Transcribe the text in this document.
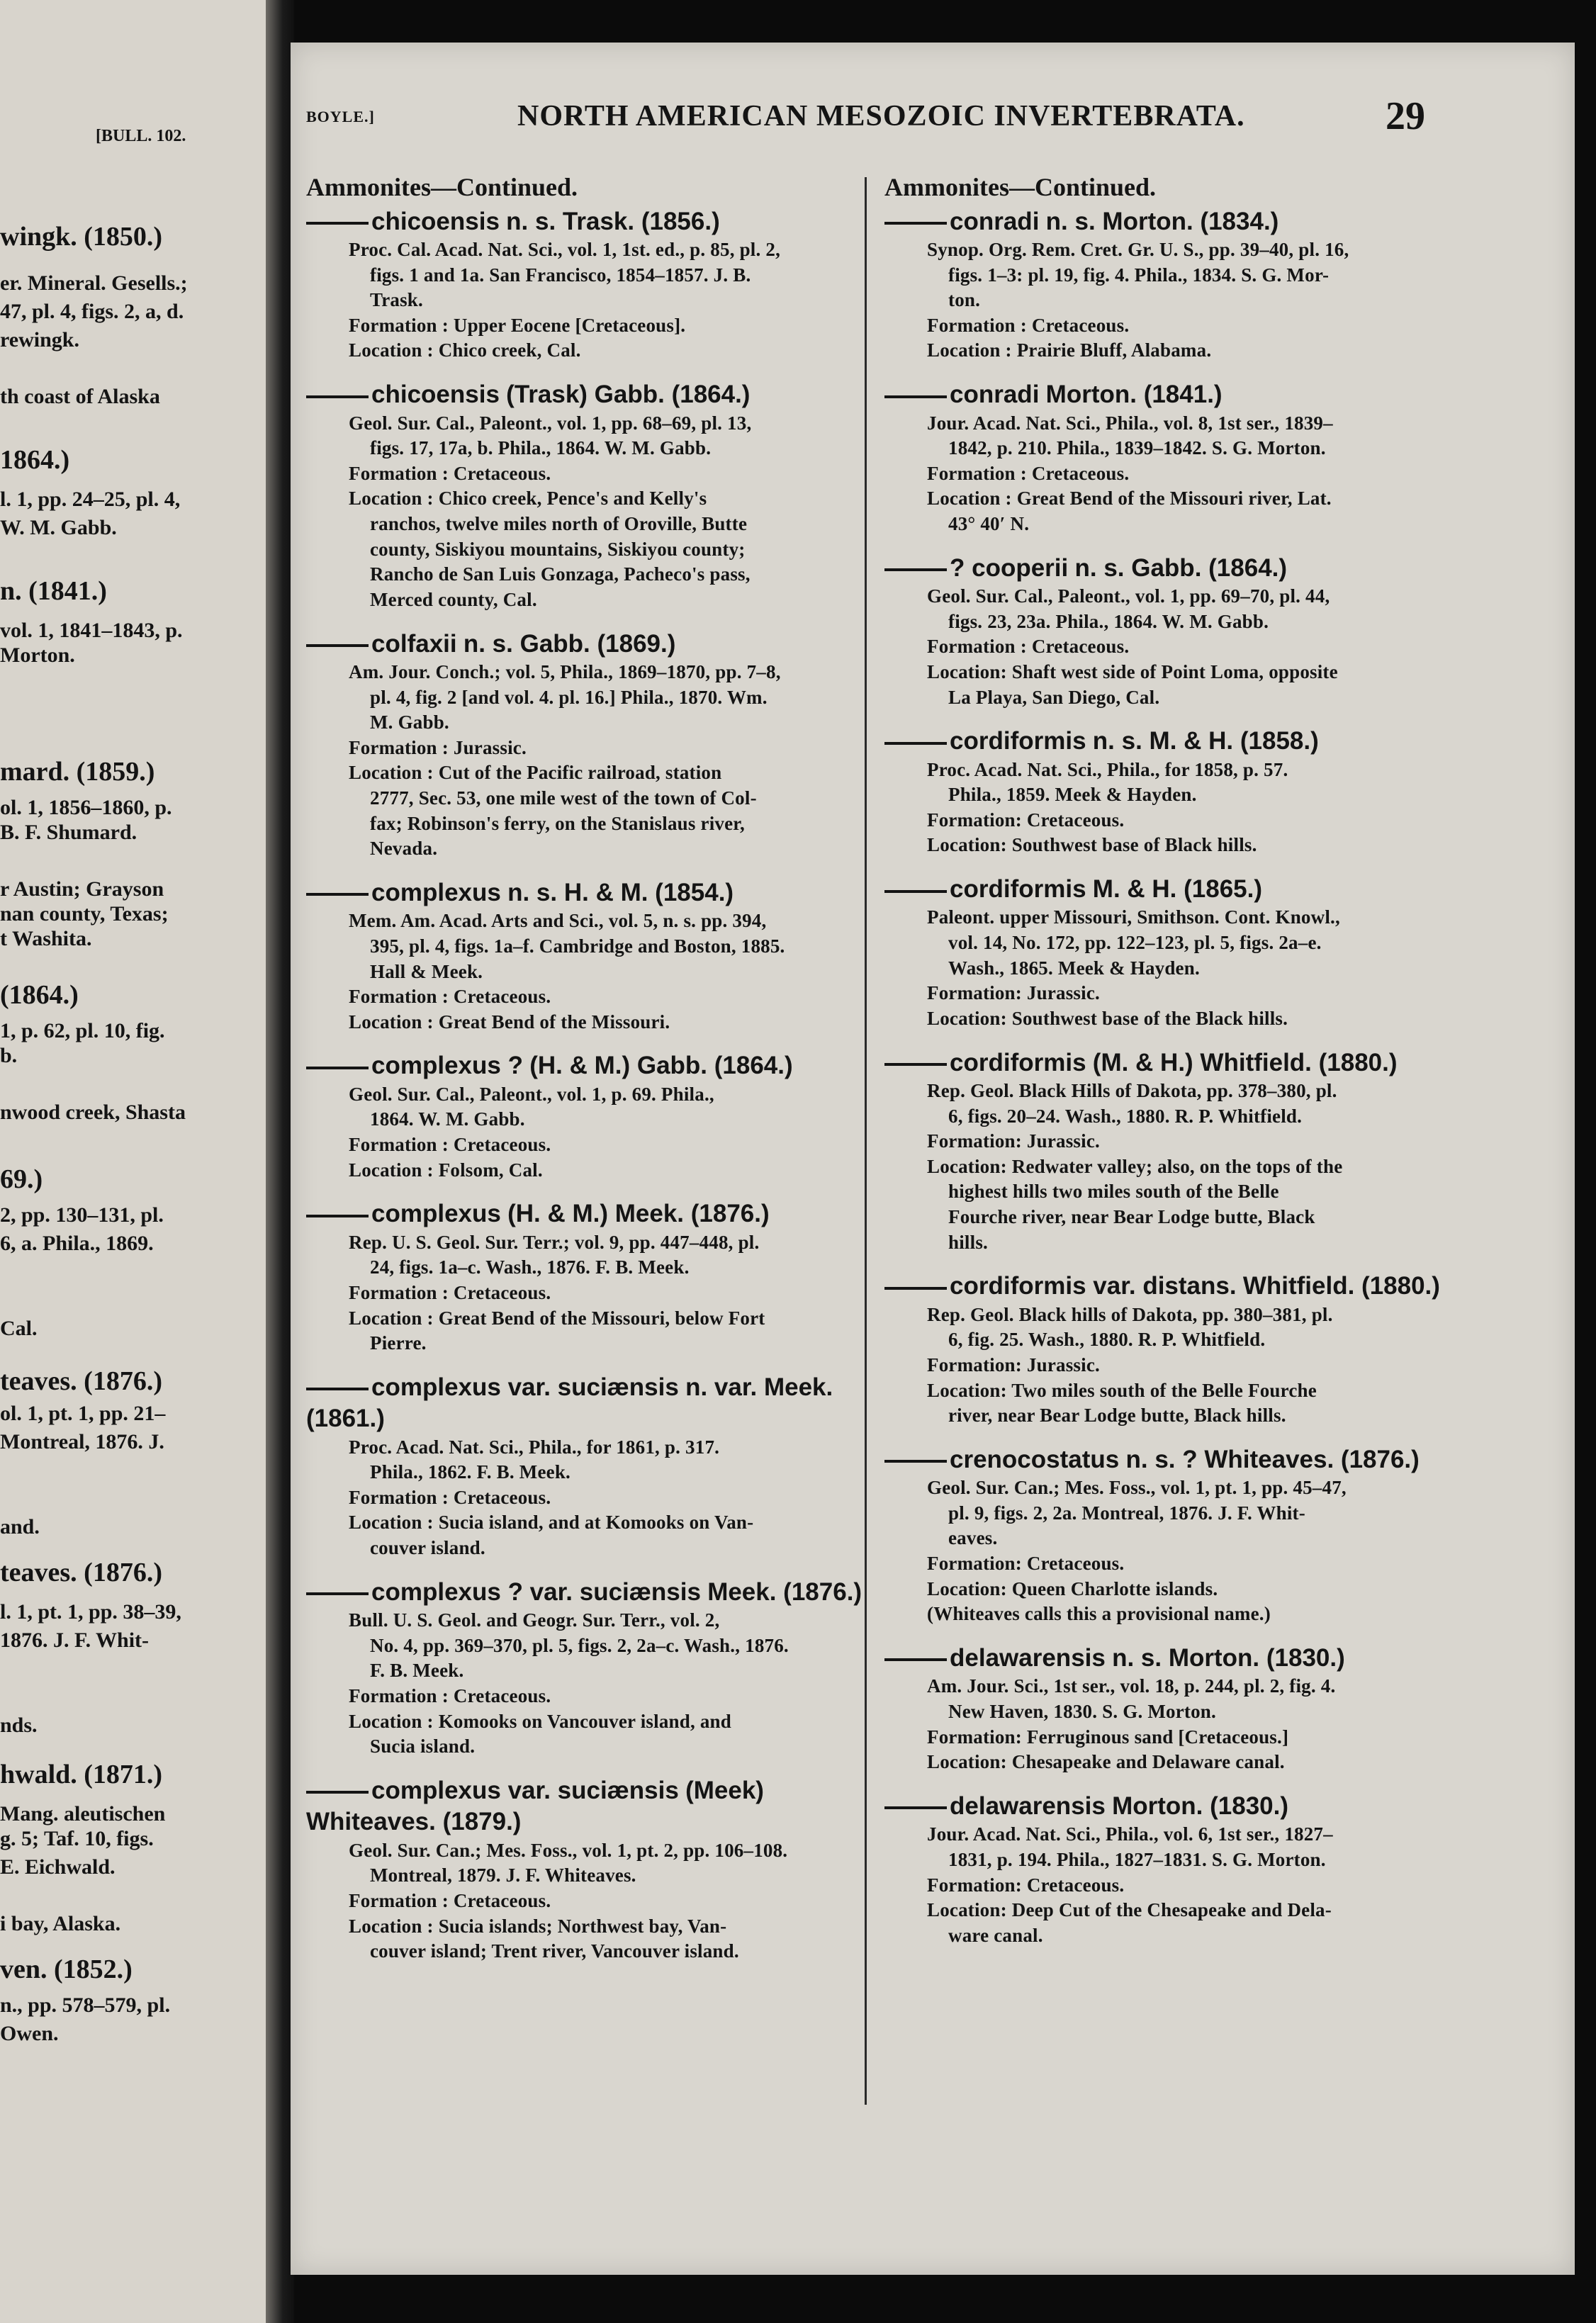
[BULL. 102.
wingk. (1850.)
er. Mineral. Gesells.;
47, pl. 4, figs. 2, a, d.
rewingk.
th coast of Alaska
1864.)
l. 1, pp. 24–25, pl. 4,
W. M. Gabb.
n. (1841.)
vol. 1, 1841–1843, p.
Morton.
mard. (1859.)
ol. 1, 1856–1860, p.
B. F. Shumard.
r Austin; Grayson
nan county, Texas;
t Washita.
(1864.)
1, p. 62, pl. 10, fig.
b.
nwood creek, Shasta
69.)
2, pp. 130–131, pl.
6, a. Phila., 1869.
Cal.
teaves. (1876.)
ol. 1, pt. 1, pp. 21–
Montreal, 1876. J.
and.
teaves. (1876.)
l. 1, pt. 1, pp. 38–39,
1876. J. F. Whit-
nds.
hwald. (1871.)
Mang. aleutischen
g. 5; Taf. 10, figs.
E. Eichwald.
i bay, Alaska.
ven. (1852.)
n., pp. 578–579, pl.
Owen.
BOYLE.]	NORTH AMERICAN MESOZOIC INVERTEBRATA.	29
Ammonites—Continued.
chicoensis n. s. Trask. (1856.)
Proc. Cal. Acad. Nat. Sci., vol. 1, 1st. ed., p. 85, pl. 2,
figs. 1 and 1a. San Francisco, 1854–1857. J. B.
Trask.
Formation : Upper Eocene [Cretaceous].
Location : Chico creek, Cal.
chicoensis (Trask) Gabb. (1864.)
Geol. Sur. Cal., Paleont., vol. 1, pp. 68–69, pl. 13,
figs. 17, 17a, b. Phila., 1864. W. M. Gabb.
Formation : Cretaceous.
Location : Chico creek, Pence's and Kelly's
ranchos, twelve miles north of Oroville, Butte
county, Siskiyou mountains, Siskiyou county;
Rancho de San Luis Gonzaga, Pacheco's pass,
Merced county, Cal.
colfaxii n. s. Gabb. (1869.)
Am. Jour. Conch.; vol. 5, Phila., 1869–1870, pp. 7–8,
pl. 4, fig. 2 [and vol. 4. pl. 16.] Phila., 1870. Wm.
M. Gabb.
Formation : Jurassic.
Location : Cut of the Pacific railroad, station
2777, Sec. 53, one mile west of the town of Col-
fax; Robinson's ferry, on the Stanislaus river,
Nevada.
complexus n. s. H. & M. (1854.)
Mem. Am. Acad. Arts and Sci., vol. 5, n. s. pp. 394,
395, pl. 4, figs. 1a–f. Cambridge and Boston, 1885.
Hall & Meek.
Formation : Cretaceous.
Location : Great Bend of the Missouri.
complexus ? (H. & M.) Gabb. (1864.)
Geol. Sur. Cal., Paleont., vol. 1, p. 69. Phila.,
1864. W. M. Gabb.
Formation : Cretaceous.
Location : Folsom, Cal.
complexus (H. & M.) Meek. (1876.)
Rep. U. S. Geol. Sur. Terr.; vol. 9, pp. 447–448, pl.
24, figs. 1a–c. Wash., 1876. F. B. Meek.
Formation : Cretaceous.
Location : Great Bend of the Missouri, below Fort
Pierre.
complexus var. suciænsis n. var. Meek. (1861.)
Proc. Acad. Nat. Sci., Phila., for 1861, p. 317.
Phila., 1862. F. B. Meek.
Formation : Cretaceous.
Location : Sucia island, and at Komooks on Van-
couver island.
complexus ? var. suciænsis Meek. (1876.)
Bull. U. S. Geol. and Geogr. Sur. Terr., vol. 2,
No. 4, pp. 369–370, pl. 5, figs. 2, 2a–c. Wash., 1876.
F. B. Meek.
Formation : Cretaceous.
Location : Komooks on Vancouver island, and
Sucia island.
complexus var. suciænsis (Meek) Whiteaves. (1879.)
Geol. Sur. Can.; Mes. Foss., vol. 1, pt. 2, pp. 106–108.
Montreal, 1879. J. F. Whiteaves.
Formation : Cretaceous.
Location : Sucia islands; Northwest bay, Van-
couver island; Trent river, Vancouver island.
Ammonites—Continued.
conradi n. s. Morton. (1834.)
Synop. Org. Rem. Cret. Gr. U. S., pp. 39–40, pl. 16,
figs. 1–3: pl. 19, fig. 4. Phila., 1834. S. G. Mor-
ton.
Formation : Cretaceous.
Location : Prairie Bluff, Alabama.
conradi Morton. (1841.)
Jour. Acad. Nat. Sci., Phila., vol. 8, 1st ser., 1839–
1842, p. 210. Phila., 1839–1842. S. G. Morton.
Formation : Cretaceous.
Location : Great Bend of the Missouri river, Lat.
43° 40′ N.
? cooperii n. s. Gabb. (1864.)
Geol. Sur. Cal., Paleont., vol. 1, pp. 69–70, pl. 44,
figs. 23, 23a. Phila., 1864. W. M. Gabb.
Formation : Cretaceous.
Location: Shaft west side of Point Loma, opposite
La Playa, San Diego, Cal.
cordiformis n. s. M. & H. (1858.)
Proc. Acad. Nat. Sci., Phila., for 1858, p. 57.
Phila., 1859. Meek & Hayden.
Formation: Cretaceous.
Location: Southwest base of Black hills.
cordiformis M. & H. (1865.)
Paleont. upper Missouri, Smithson. Cont. Knowl.,
vol. 14, No. 172, pp. 122–123, pl. 5, figs. 2a–e.
Wash., 1865. Meek & Hayden.
Formation: Jurassic.
Location: Southwest base of the Black hills.
cordiformis (M. & H.) Whitfield. (1880.)
Rep. Geol. Black Hills of Dakota, pp. 378–380, pl.
6, figs. 20–24. Wash., 1880. R. P. Whitfield.
Formation: Jurassic.
Location: Redwater valley; also, on the tops of the
highest hills two miles south of the Belle
Fourche river, near Bear Lodge butte, Black
hills.
cordiformis var. distans. Whitfield. (1880.)
Rep. Geol. Black hills of Dakota, pp. 380–381, pl.
6, fig. 25. Wash., 1880. R. P. Whitfield.
Formation: Jurassic.
Location: Two miles south of the Belle Fourche
river, near Bear Lodge butte, Black hills.
crenocostatus n. s. ? Whiteaves. (1876.)
Geol. Sur. Can.; Mes. Foss., vol. 1, pt. 1, pp. 45–47,
pl. 9, figs. 2, 2a. Montreal, 1876. J. F. Whit-
eaves.
Formation: Cretaceous.
Location: Queen Charlotte islands.
(Whiteaves calls this a provisional name.)
delawarensis n. s. Morton. (1830.)
Am. Jour. Sci., 1st ser., vol. 18, p. 244, pl. 2, fig. 4.
New Haven, 1830. S. G. Morton.
Formation: Ferruginous sand [Cretaceous.]
Location: Chesapeake and Delaware canal.
delawarensis Morton. (1830.)
Jour. Acad. Nat. Sci., Phila., vol. 6, 1st ser., 1827–
1831, p. 194. Phila., 1827–1831. S. G. Morton.
Formation: Cretaceous.
Location: Deep Cut of the Chesapeake and Dela-
ware canal.
